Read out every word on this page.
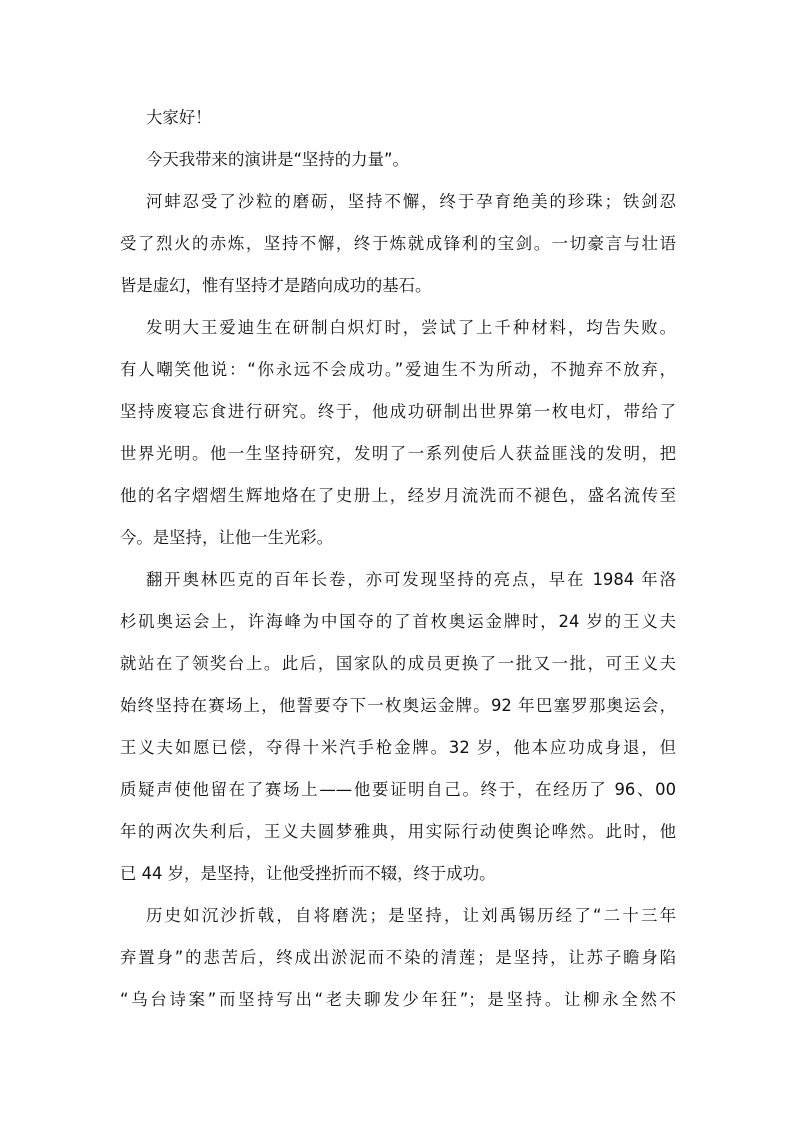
大家好！

今天我带来的演讲是“坚持的力量”。

河蚌忍受了沙粒的磨砺，坚持不懈，终于孕育绝美的珍珠；铁剑忍

受了烈火的赤炼，坚持不懈，终于炼就成锋利的宝剑。一切豪言与壮语

皆是虚幻，惟有坚持才是踏向成功的基石。

发明大王爱迪生在研制白炽灯时，尝试了上千种材料，均告失败。

有人嘲笑他说：“你永远不会成功。”爱迪生不为所动，不抛弃不放弃，

坚持废寝忘食进行研究。终于，他成功研制出世界第一枚电灯，带给了

世界光明。他一生坚持研究，发明了一系列使后人获益匪浅的发明，把

他的名字熠熠生辉地烙在了史册上，经岁月流洗而不褪色，盛名流传至

今。是坚持，让他一生光彩。

翻开奥林匹克的百年长卷，亦可发现坚持的亮点，早在 1984 年洛

杉矶奥运会上，许海峰为中国夺的了首枚奥运金牌时，24 岁的王义夫

就站在了领奖台上。此后，国家队的成员更换了一批又一批，可王义夫

始终坚持在赛场上，他誓要夺下一枚奥运金牌。92 年巴塞罗那奥运会，

王义夫如愿已偿，夺得十米汽手枪金牌。32 岁，他本应功成身退，但

质疑声使他留在了赛场上——他要证明自己。终于，在经历了 96、00

年的两次失利后，王义夫圆梦雅典，用实际行动使舆论哗然。此时，他

已 44 岁，是坚持，让他受挫折而不辍，终于成功。

历史如沉沙折戟，自将磨洗；是坚持，让刘禹锡历经了“二十三年

弃置身”的悲苦后，终成出淤泥而不染的清莲；是坚持，让苏子瞻身陷

“乌台诗案”而坚持写出“老夫聊发少年狂”；是坚持。让柳永全然不
